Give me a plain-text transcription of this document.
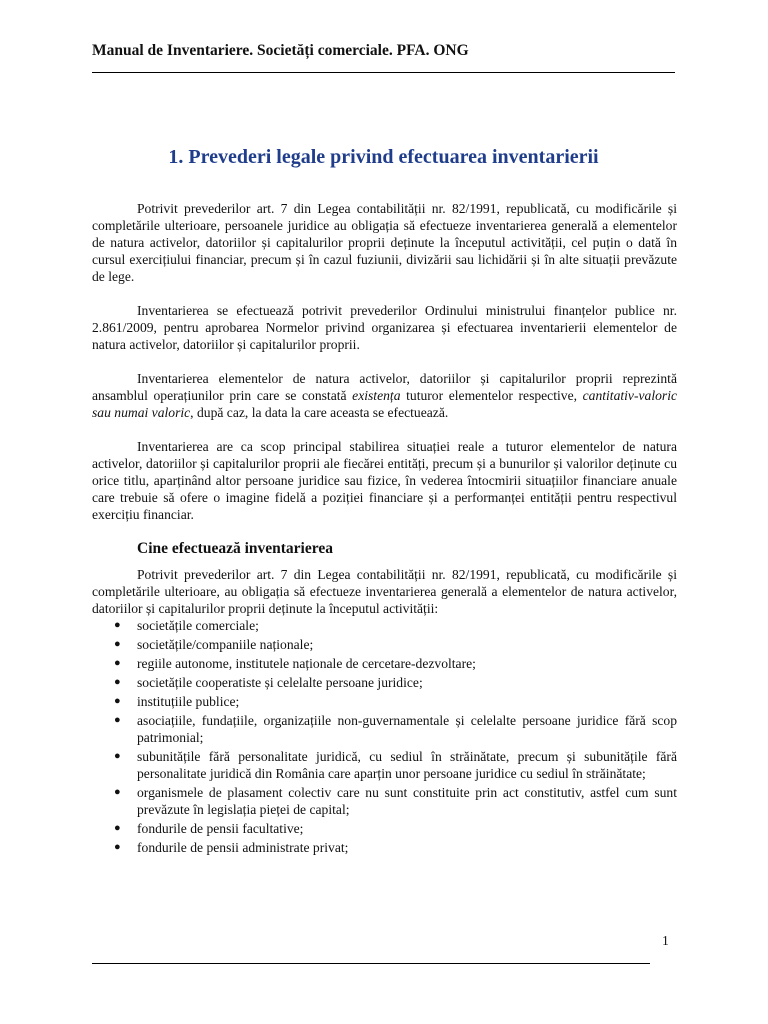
Manual de Inventariere. Societăți comerciale. PFA. ONG
1. Prevederi legale privind efectuarea inventarierii

Potrivit prevederilor art. 7 din Legea contabilității nr. 82/1991, republicată, cu modificările și completările ulterioare, persoanele juridice au obligația să efectueze inventarierea generală a elementelor de natura activelor, datoriilor și capitalurilor proprii deținute la începutul activității, cel puțin o dată în cursul exercițiului financiar, precum și în cazul fuziunii, divizării sau lichidării și în alte situații prevăzute de lege.

Inventarierea se efectuează potrivit prevederilor Ordinului ministrului finanțelor publice nr. 2.861/2009, pentru aprobarea Normelor privind organizarea și efectuarea inventarierii elementelor de natura activelor, datoriilor și capitalurilor proprii.

Inventarierea elementelor de natura activelor, datoriilor și capitalurilor proprii reprezintă ansamblul operațiunilor prin care se constată existența tuturor elementelor respective, cantitativ-valoric sau numai valoric, după caz, la data la care aceasta se efectuează.

Inventarierea are ca scop principal stabilirea situației reale a tuturor elementelor de natura activelor, datoriilor și capitalurilor proprii ale fiecărei entități, precum și a bunurilor și valorilor deținute cu orice titlu, aparținând altor persoane juridice sau fizice, în vederea întocmirii situațiilor financiare anuale care trebuie să ofere o imagine fidelă a poziției financiare și a performanței entității pentru respectivul exercițiu financiar.

Cine efectuează inventarierea

Potrivit prevederilor art. 7 din Legea contabilității nr. 82/1991, republicată, cu modificările și completările ulterioare, au obligația să efectueze inventarierea generală a elementelor de natura activelor, datoriilor și capitalurilor proprii deținute la începutul activității:

● societățile comerciale;
● societățile/companiile naționale;
● regiile autonome, institutele naționale de cercetare-dezvoltare;
● societățile cooperatiste și celelalte persoane juridice;
● instituțiile publice;
● asociațiile, fundațiile, organizațiile non-guvernamentale și celelalte persoane juridice fără scop patrimonial;
● subunitățile fără personalitate juridică, cu sediul în străinătate, precum și subunitățile fără personalitate juridică din România care aparțin unor persoane juridice cu sediul în străinătate;
● organismele de plasament colectiv care nu sunt constituite prin act constitutiv, astfel cum sunt prevăzute în legislația pieței de capital;
● fondurile de pensii facultative;
● fondurile de pensii administrate privat;
1
